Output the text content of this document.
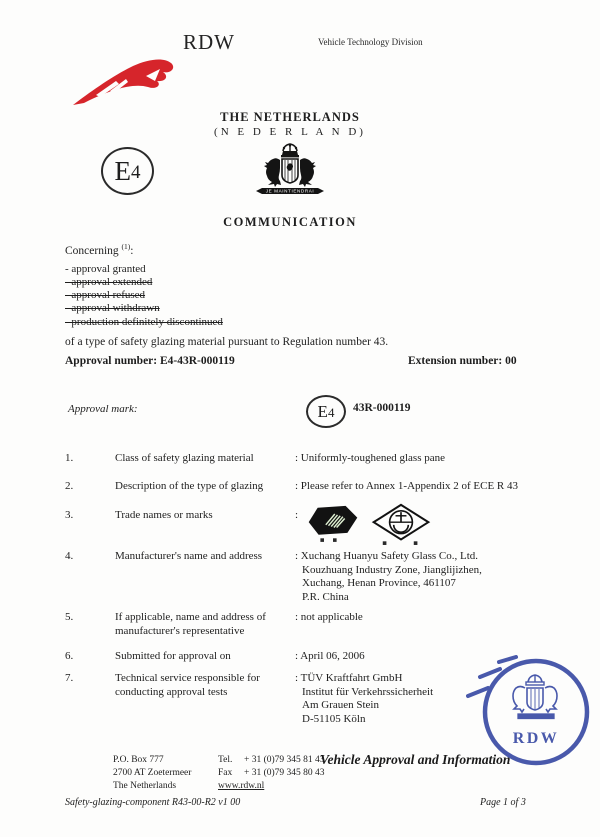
RDW	Vehicle Technology Division
THE NETHERLANDS
(N E D E R L A N D)
JE MAINTIENDRAI
COMMUNICATION
E 4
Concerning $^{(1)}$:
- approval granted
- approval extended
- approval refused
- approval withdrawn
- production definitely discontinued
of a type of safety glazing material pursuant to Regulation number 43.
Approval number: E4-43R-000119	Extension number: 00
Approval mark:	E 4 43R-000119
1.	Class of safety glazing material	: Uniformly-toughened glass pane
2.	Description of the type of glazing	: Please refer to Annex 1-Appendix 2 of ECE R 43
3.	Trade names or marks	:
4.	Manufacturer's name and address	: Xuchang Huanyu Safety Glass Co., Ltd.
Kouzhuang Industry Zone, Jianglijizhen,
Xuchang, Henan Province, 461107
P.R. China
5.	If applicable, name and address of
manufacturer's representative
: not applicable
6.	Submitted for approval on	: April 06, 2006
7.	Technical service responsible for
conducting approval tests
: TÜV Kraftfahrt GmbH
Institut für Verkehrssicherheit
Am Grauen Stein
D-51105 Köln
RDW
P.O. Box 777
2700 AT Zoetermeer
The Netherlands
Tel. + 31 (0)79 345 81 43
Fax + 31 (0)79 345 80 43
www.rdw.nl
Vehicle Approval and Information
Safety-glazing-component R43-00-R2 v1 00	Page 1 of 3
